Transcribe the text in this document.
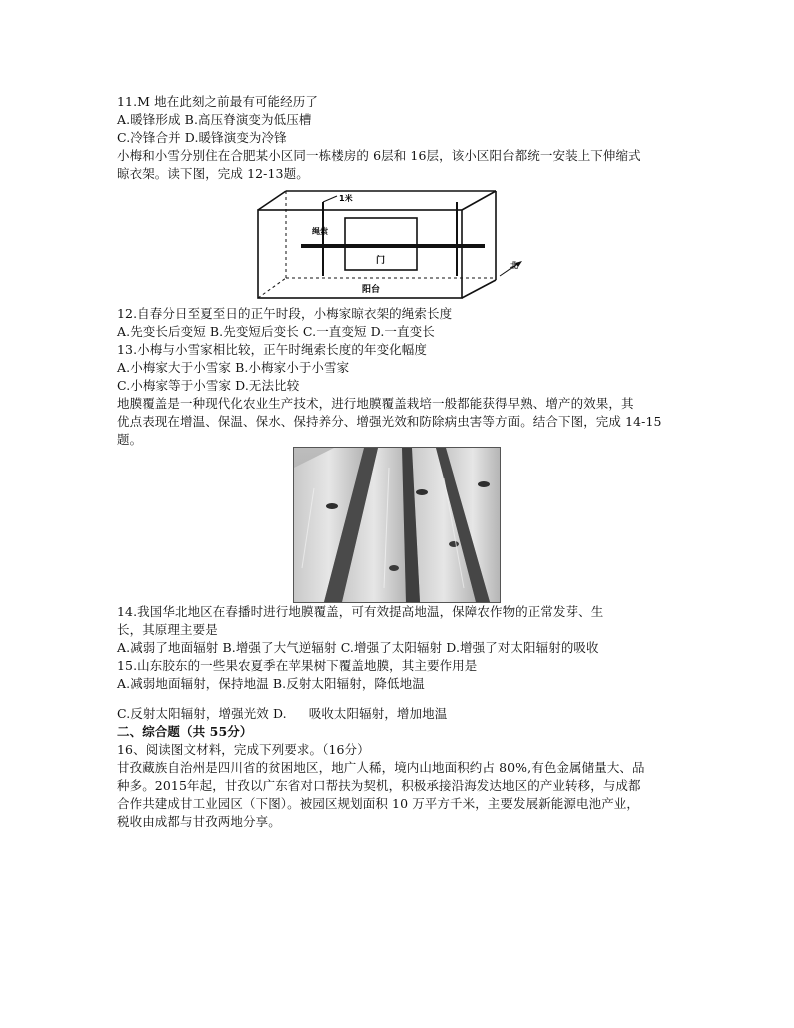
11.M 地在此刻之前最有可能经历了
A.暖锋形成 B.高压脊演变为低压槽
C.冷锋合并 D.暖锋演变为冷锋
小梅和小雪分别住在合肥某小区同一栋楼房的 6层和 16层，该小区阳台都统一安装上下伸缩式
晾衣架。读下图，完成 12-13题。
1米
绳索
门
阳台
北
12.自春分日至夏至日的正午时段，小梅家晾衣架的绳索长度
A.先变长后变短 B.先变短后变长 C.一直变短 D.一直变长
13.小梅与小雪家相比较，正午时绳索长度的年变化幅度
A.小梅家大于小雪家 B.小梅家小于小雪家
C.小梅家等于小雪家 D.无法比较
地膜覆盖是一种现代化农业生产技术，进行地膜覆盖栽培一般都能获得早熟、增产的效果，其
优点表现在增温、保温、保水、保持养分、增强光效和防除病虫害等方面。结合下图，完成 14-15
题。
14.我国华北地区在春播时进行地膜覆盖，可有效提高地温，保障农作物的正常发芽、生
长，其原理主要是
A.减弱了地面辐射 B.增强了大气逆辐射 C.增强了太阳辐射 D.增强了对太阳辐射的吸收
15.山东胶东的一些果农夏季在苹果树下覆盖地膜，其主要作用是
A.减弱地面辐射，保持地温 B.反射太阳辐射，降低地温
C.反射太阳辐射，增强光效 D. 吸收太阳辐射，增加地温
二、综合题（共 55分）
16、阅读图文材料，完成下列要求。（16分）
甘孜藏族自治州是四川省的贫困地区，地广人稀，境内山地面积约占 80%,有色金属储量大、品
种多。2015年起，甘孜以广东省对口帮扶为契机，积极承接沿海发达地区的产业转移，与成都
合作共建成甘工业园区（下图）。被园区规划面积 10 万平方千米，主要发展新能源电池产业，
税收由成都与甘孜两地分享。
